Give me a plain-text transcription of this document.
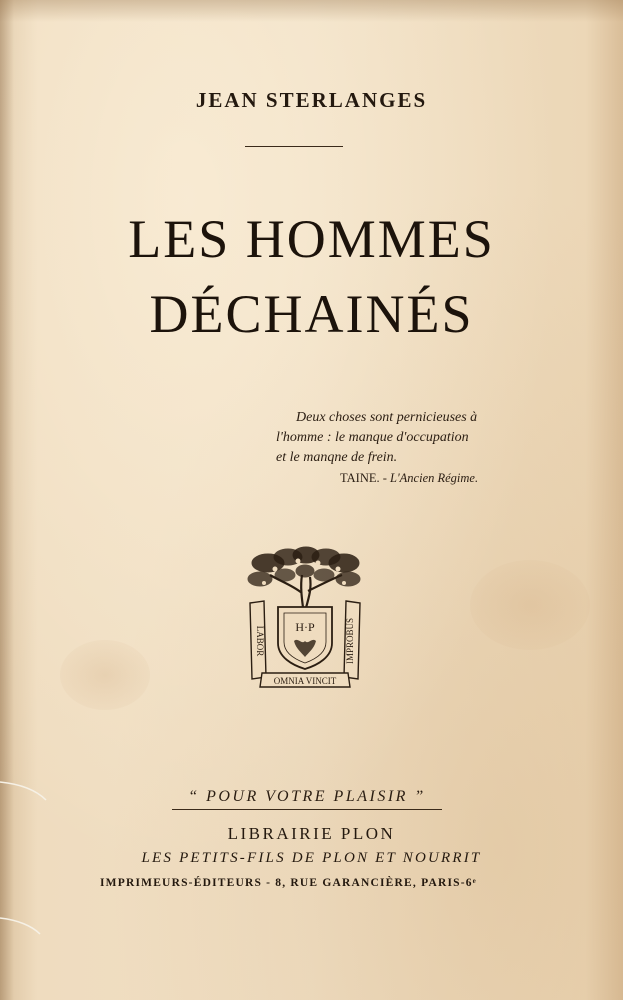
JEAN STERLANGES
LES HOMMES
DÉCHAINÉS
Deux choses sont pernicieuses à
l'homme : le manque d'occupation
et le manqne de frein.
TAINE. - L'Ancien Régime.
LABOR	IMPROBUS
OMNIA VINCIT
H·P
“ POUR VOTRE PLAISIR ”
LIBRAIRIE PLON
LES PETITS-FILS DE PLON ET NOURRIT
IMPRIMEURS-ÉDITEURS - 8, RUE GARANCIÈRE, PARIS-6ᵉ
